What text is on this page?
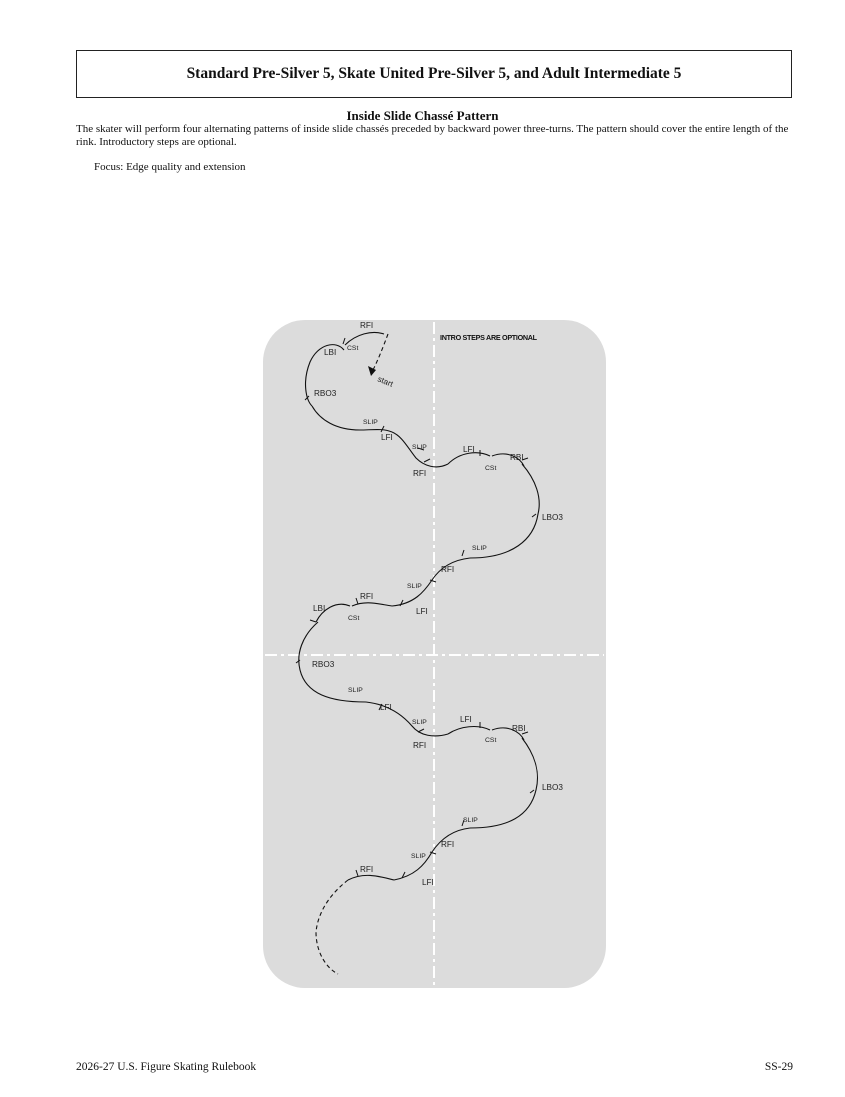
Standard Pre-Silver 5, Skate United Pre-Silver 5, and Adult Intermediate 5
Inside Slide Chassé Pattern
The skater will perform four alternating patterns of inside slide chassés preceded by backward power three-turns. The pattern should cover the entire length of the rink. Introductory steps are optional.
Focus: Edge quality and extension
INTRO STEPS ARE OPTIONAL
RFI
LBI CSt
start
RBO3
SLIP
LFI
SLIP
RFI
LFI
RBI
CSt
LBO3
SLIP
RFI
SLIP
RFI
LBI
CSt
LFI
RBO3
SLIP
LFI
SLIP
RFI
LFI
RBI
CSt
LBO3
SLIP
RFI
SLIP
RFI
LFI
2026-27 U.S. Figure Skating Rulebook	SS-29
